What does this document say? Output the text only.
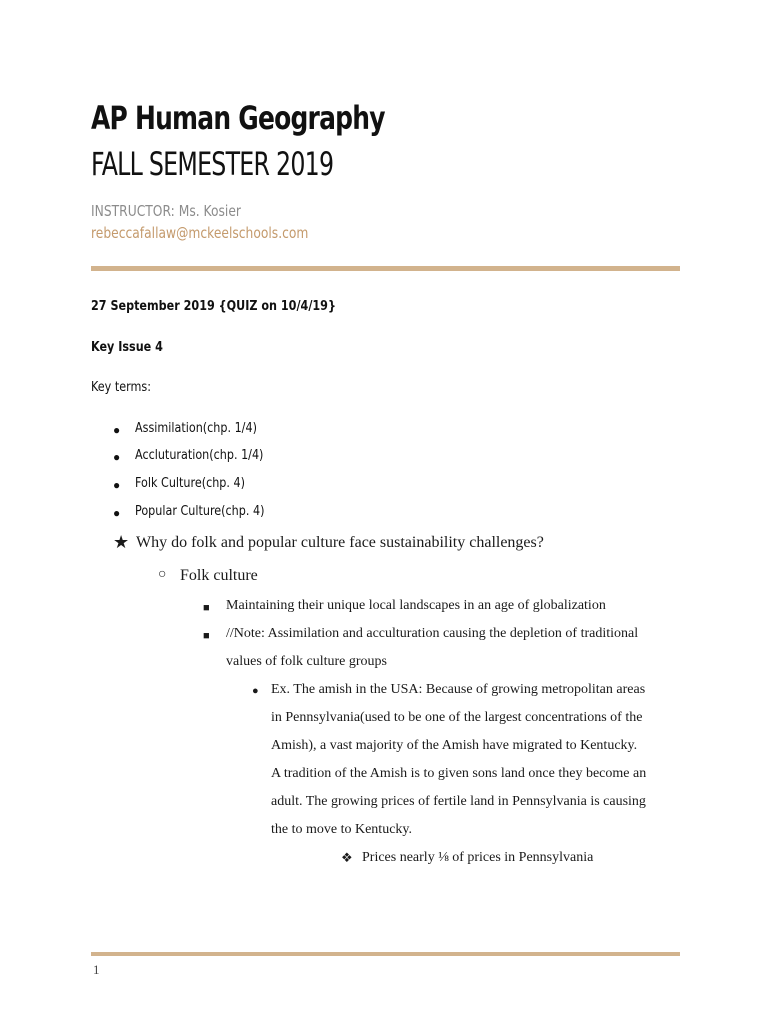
AP Human Geography
FALL SEMESTER 2019
INSTRUCTOR: Ms. Kosier
rebeccafallaw@mckeelschools.com
27 September 2019 {QUIZ on 10/4/19}
Key Issue 4
Key terms:
● Assimilation(chp. 1/4)
● Accluturation(chp. 1/4)
● Folk Culture(chp. 4)
● Popular Culture(chp. 4)
★ Why do folk and popular culture face sustainability challenges?
○ Folk culture
■ Maintaining their unique local landscapes in an age of globalization
■ //Note: Assimilation and acculturation causing the depletion of traditional
values of folk culture groups
● Ex. The amish in the USA: Because of growing metropolitan areas
in Pennsylvania(used to be one of the largest concentrations of the
Amish), a vast majority of the Amish have migrated to Kentucky.
A tradition of the Amish is to given sons land once they become an
adult. The growing prices of fertile land in Pennsylvania is causing
the to move to Kentucky.
❖ Prices nearly ⅛ of prices in Pennsylvania
1
